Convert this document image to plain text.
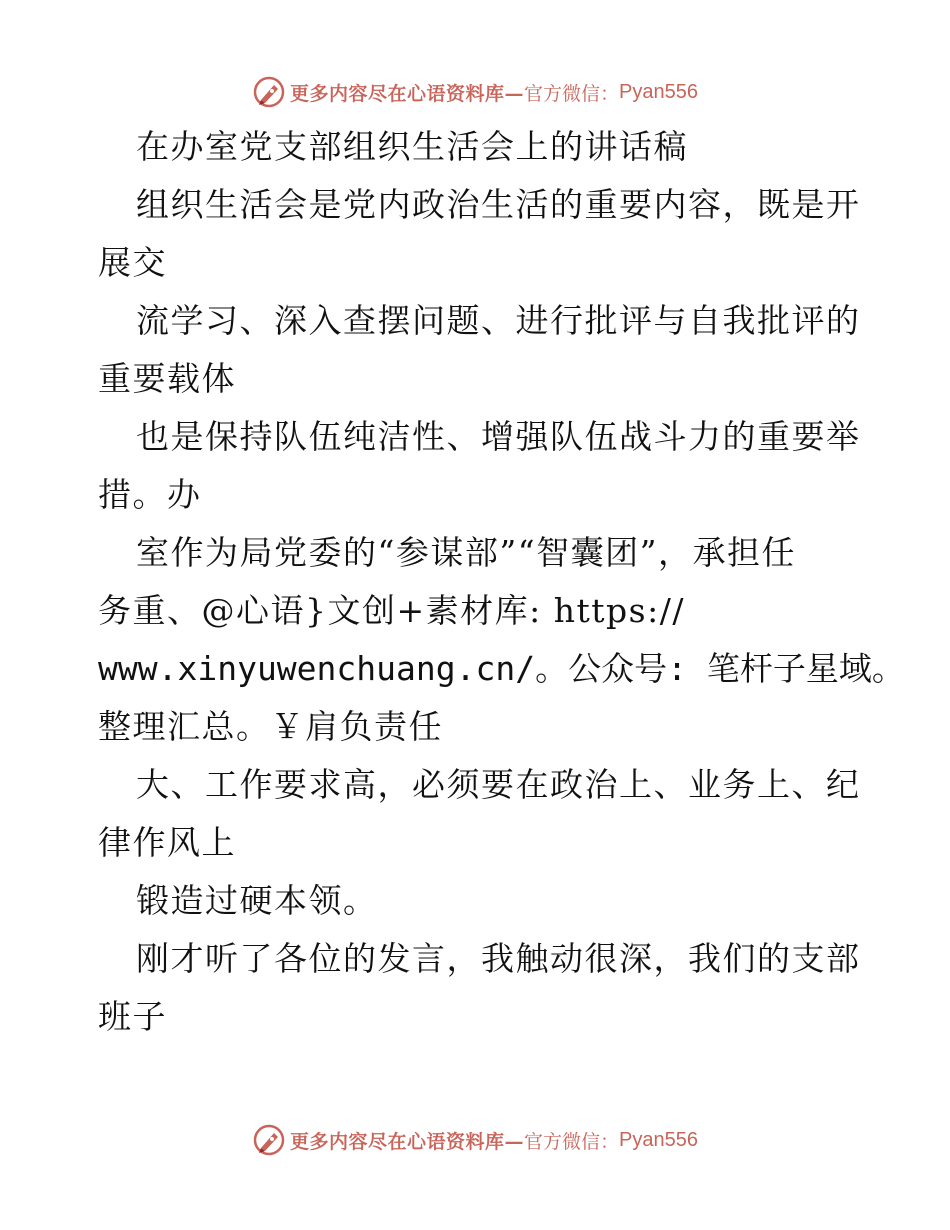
更多内容尽在心语资料库— 官方微信： Pyan556
在办室党支部组织生活会上的讲话稿
组织生活会是党内政治生活的重要内容，既是开
展交
流学习、深入查摆问题、进行批评与自我批评的
重要载体
也是保持队伍纯洁性、增强队伍战斗力的重要举
措。办
室作为局党委的“参谋部”“智囊团”，承担任
务重、@心语}文创+素材库: https://
www.xinyuwenchuang.cn/。公众号: 笔杆子星域。
整理汇总。￥肩负责任
大、工作要求高，必须要在政治上、业务上、纪
律作风上
锻造过硬本领。
刚才听了各位的发言，我触动很深，我们的支部
班子
更多内容尽在心语资料库— 官方微信： Pyan556
